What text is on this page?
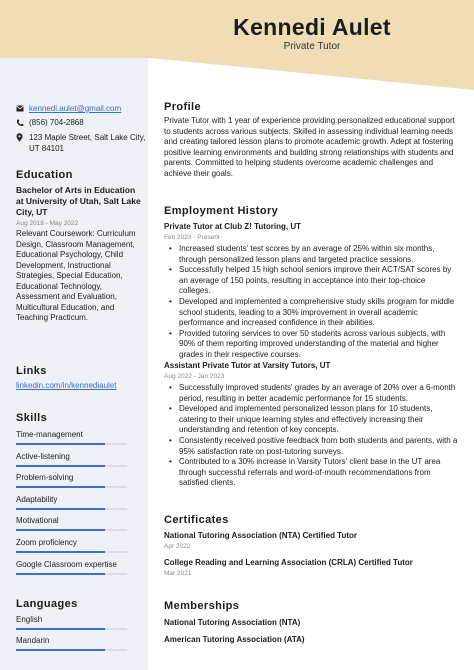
Kennedi Aulet
Private Tutor
kennedi.aulet@gmail.com
(856) 704-2868
123 Maple Street, Salt Lake City, UT 84101
Education
Bachelor of Arts in Education at University of Utah, Salt Lake City, UT
Aug 2018 - May 2022
Relevant Coursework: Curriculum Design, Classroom Management, Educational Psychology, Child Development, Instructional Strategies, Special Education, Educational Technology, Assessment and Evaluation, Multicultural Education, and Teaching Practicum.
Links
linkedin.com/in/kennediaulet
Skills
Time-management
Active-listening
Problem-solving
Adaptability
Motivational
Zoom proficiency
Google Classroom expertise
Languages
English
Mandarin
Profile
Private Tutor with 1 year of experience providing personalized educational support to students across various subjects. Skilled in assessing individual learning needs and creating tailored lesson plans to promote academic growth. Adept at fostering positive learning environments and building strong relationships with students and parents. Committed to helping students overcome academic challenges and achieve their goals.
Employment History
Private Tutor at Club Z! Tutoring, UT
Feb 2023 - Present
• Increased students' test scores by an average of 25% within six months, through personalized lesson plans and targeted practice sessions.
• Successfully helped 15 high school seniors improve their ACT/SAT scores by an average of 150 points, resulting in acceptance into their top-choice colleges.
• Developed and implemented a comprehensive study skills program for middle school students, leading to a 30% improvement in overall academic performance and increased confidence in their abilities.
• Provided tutoring services to over 50 students across various subjects, with 90% of them reporting improved understanding of the material and higher grades in their respective courses.
Assistant Private Tutor at Varsity Tutors, UT
Aug 2022 - Jan 2023
• Successfully improved students' grades by an average of 20% over a 6-month period, resulting in better academic performance for 15 students.
• Developed and implemented personalized lesson plans for 10 students, catering to their unique learning styles and effectively increasing their understanding and retention of key concepts.
• Consistently received positive feedback from both students and parents, with a 95% satisfaction rate on post-tutoring surveys.
• Contributed to a 30% increase in Varsity Tutors' client base in the UT area through successful referrals and word-of-mouth recommendations from satisfied clients.
Certificates
National Tutoring Association (NTA) Certified Tutor
Apr 2022
College Reading and Learning Association (CRLA) Certified Tutor
Mar 2021
Memberships
National Tutoring Association (NTA)
American Tutoring Association (ATA)
